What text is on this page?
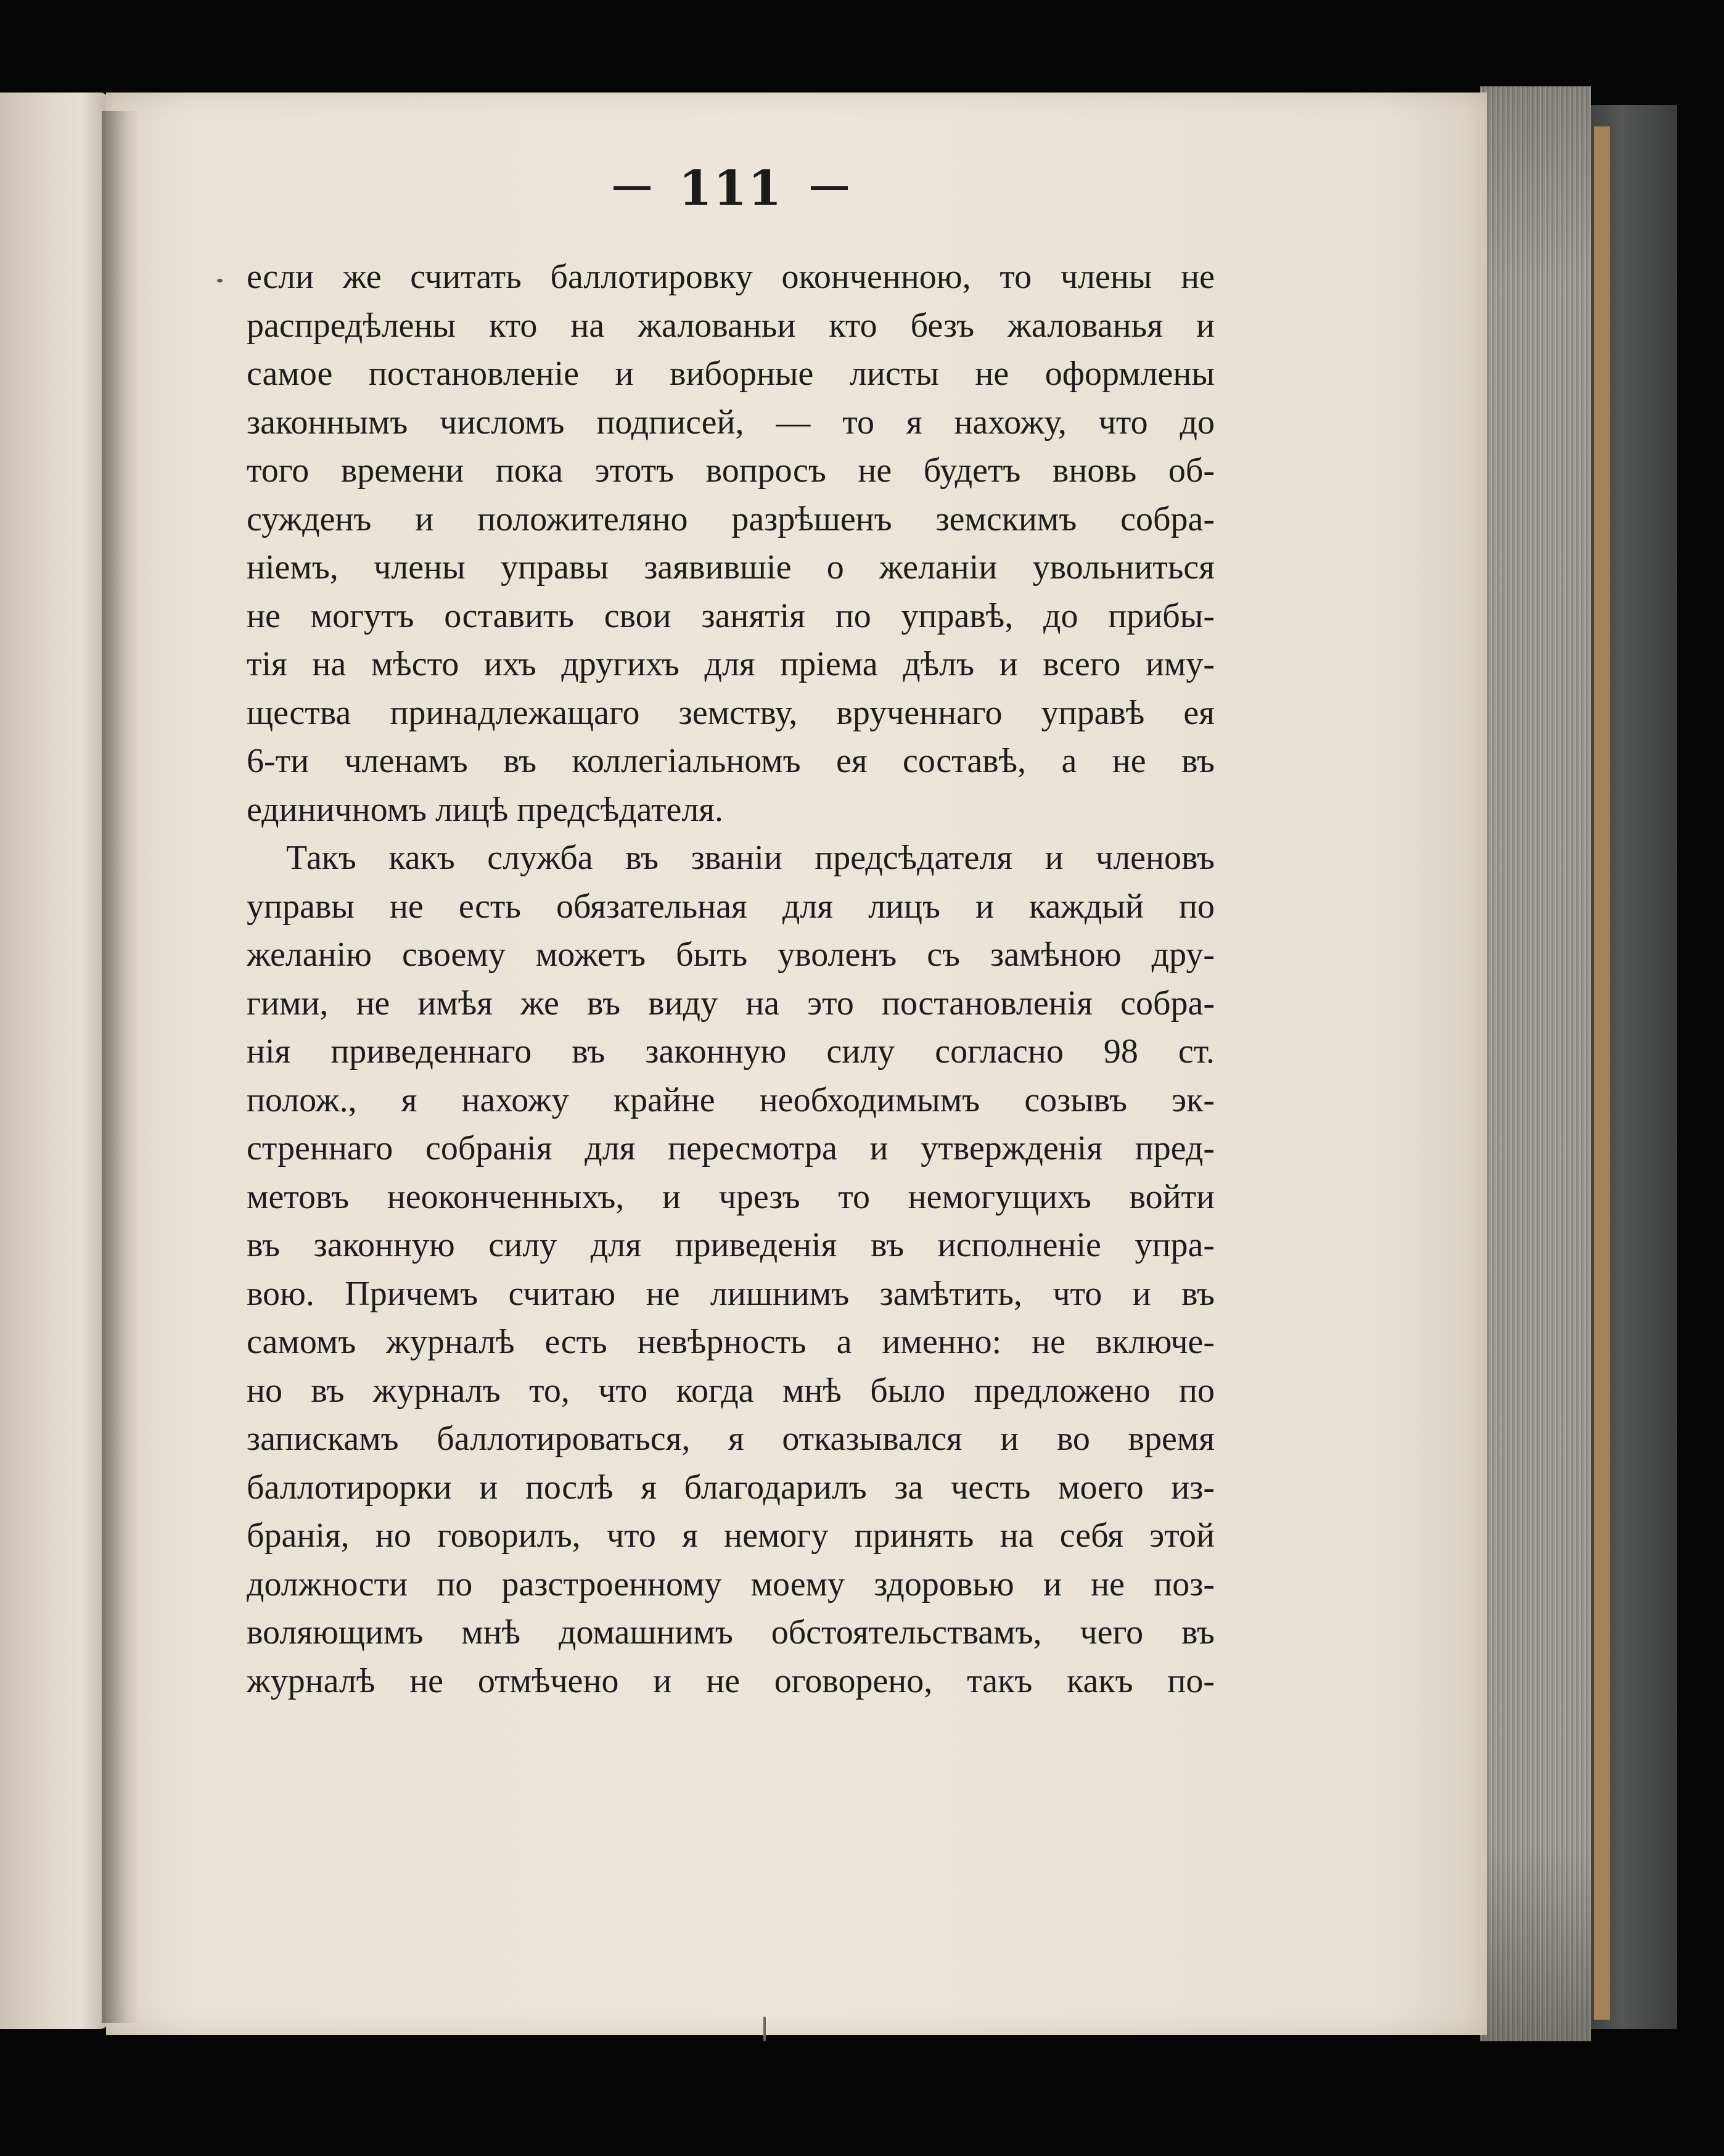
111
если же считать баллотировку оконченною, то члены не
распредѣлены кто на жалованьи кто безъ жалованья и
самое постановленіе и виборные листы не оформлены
законнымъ числомъ подписей, — то я нахожу, что до
того времени пока этотъ вопросъ не будетъ вновь об-
сужденъ и положителяно разрѣшенъ земскимъ собра-
ніемъ, члены управы заявившіе о желаніи увольниться
не могутъ оставить свои занятія по управѣ, до прибы-
тія на мѣсто ихъ другихъ для пріема дѣлъ и всего иму-
щества принадлежащаго земству, врученнаго управѣ ея
6-ти членамъ въ коллегіальномъ ея составѣ, а не въ
единичномъ лицѣ предсѣдателя.
Такъ какъ служба въ званіи предсѣдателя и членовъ
управы не есть обязательная для лицъ и каждый по
желанію своему можетъ быть уволенъ съ замѣною дру-
гими, не имѣя же въ виду на это постановленія собра-
нія приведеннаго въ законную силу согласно 98 ст.
полож., я нахожу крайне необходимымъ созывъ эк-
стреннаго собранія для пересмотра и утвержденія пред-
метовъ неоконченныхъ, и чрезъ то немогущихъ войти
въ законную силу для приведенія въ исполненіе упра-
вою. Причемъ считаю не лишнимъ замѣтить, что и въ
самомъ журналѣ есть невѣрность а именно: не включе-
но въ журналъ то, что когда мнѣ было предложено по
запискамъ баллотироваться, я отказывался и во время
баллотирорки и послѣ я благодарилъ за честь моего из-
бранія, но говорилъ, что я немогу принять на себя этой
должности по разстроенному моему здоровью и не поз-
воляющимъ мнѣ домашнимъ обстоятельствамъ, чего въ
журналѣ не отмѣчено и не оговорено, такъ какъ по-
